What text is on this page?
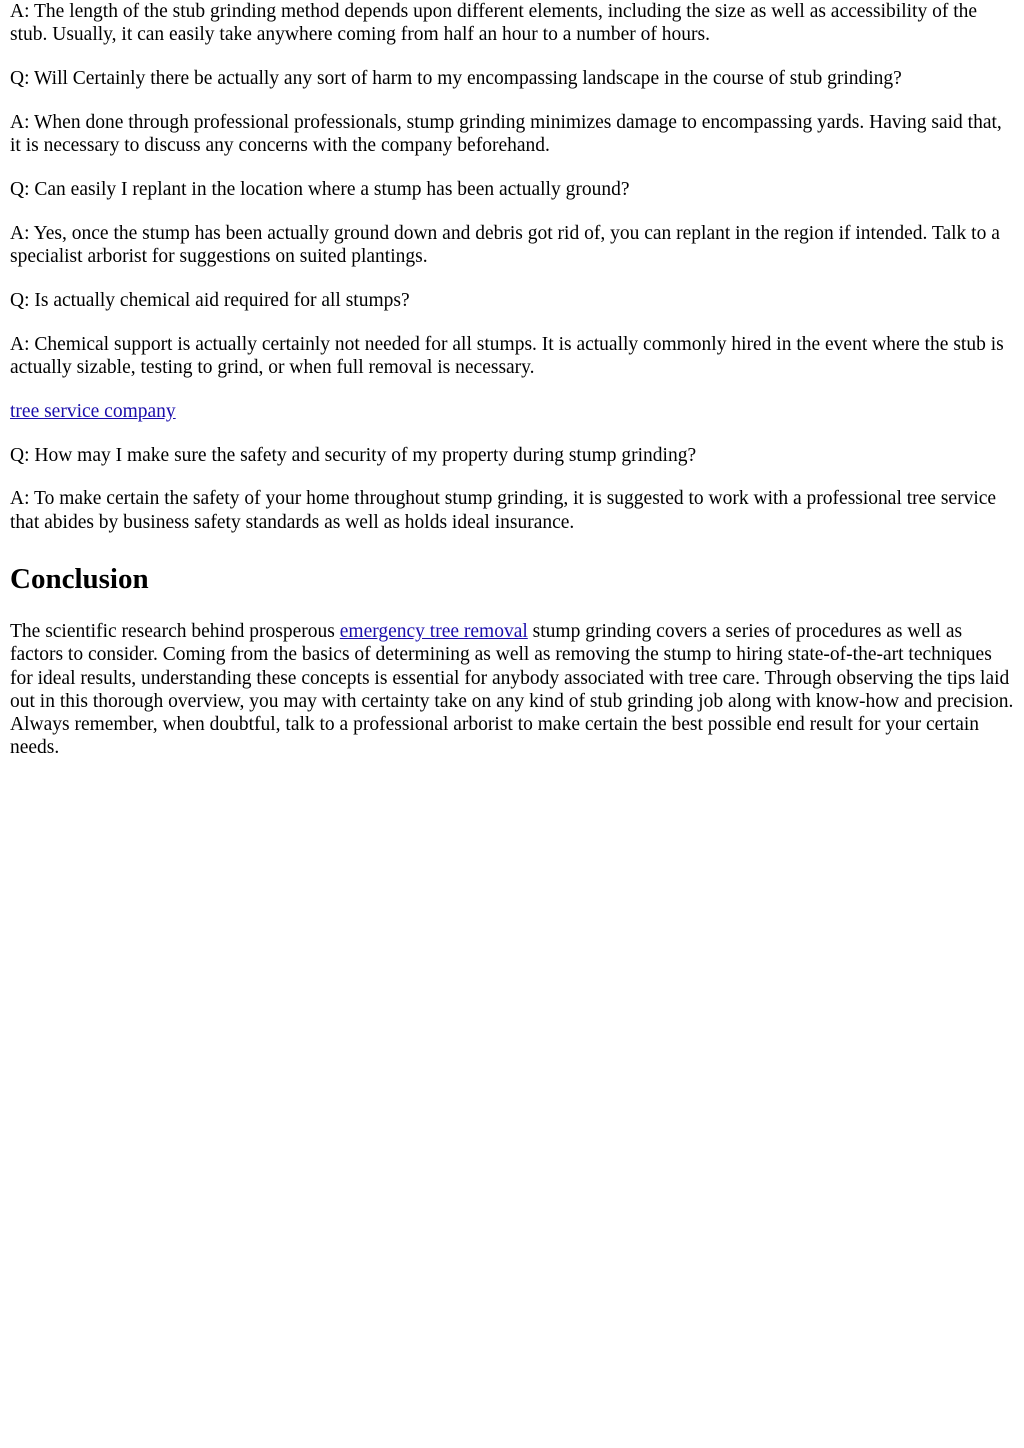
A: The length of the stub grinding method depends upon different elements, including the size as well as accessibility of the stub. Usually, it can easily take anywhere coming from half an hour to a number of hours.

Q: Will Certainly there be actually any sort of harm to my encompassing landscape in the course of stub grinding?

A: When done through professional professionals, stump grinding minimizes damage to encompassing yards. Having said that, it is necessary to discuss any concerns with the company beforehand.

Q: Can easily I replant in the location where a stump has been actually ground?

A: Yes, once the stump has been actually ground down and debris got rid of, you can replant in the region if intended. Talk to a specialist arborist for suggestions on suited plantings.

Q: Is actually chemical aid required for all stumps?

A: Chemical support is actually certainly not needed for all stumps. It is actually commonly hired in the event where the stub is actually sizable, testing to grind, or when full removal is necessary.

tree service company

Q: How may I make sure the safety and security of my property during stump grinding?

A: To make certain the safety of your home throughout stump grinding, it is suggested to work with a professional tree service that abides by business safety standards as well as holds ideal insurance.

Conclusion

The scientific research behind prosperous emergency tree removal stump grinding covers a series of procedures as well as factors to consider. Coming from the basics of determining as well as removing the stump to hiring state-of-the-art techniques for ideal results, understanding these concepts is essential for anybody associated with tree care. Through observing the tips laid out in this thorough overview, you may with certainty take on any kind of stub grinding job along with know-how and precision. Always remember, when doubtful, talk to a professional arborist to make certain the best possible end result for your certain needs.
